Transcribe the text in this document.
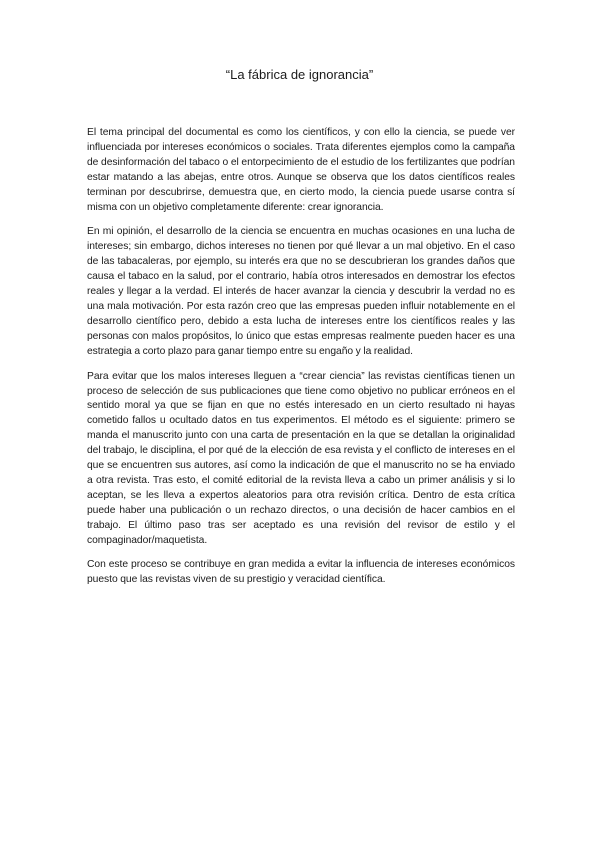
“La fábrica de ignorancia”

El tema principal del documental es como los científicos, y con ello la ciencia, se puede ver influenciada por intereses económicos o sociales. Trata diferentes ejemplos como la campaña de desinformación del tabaco o el entorpecimiento de el estudio de los fertilizantes que podrían estar matando a las abejas, entre otros. Aunque se observa que los datos científicos reales terminan por descubrirse, demuestra que, en cierto modo, la ciencia puede usarse contra sí misma con un objetivo completamente diferente: crear ignorancia.

En mi opinión, el desarrollo de la ciencia se encuentra en muchas ocasiones en una lucha de intereses; sin embargo, dichos intereses no tienen por qué llevar a un mal objetivo. En el caso de las tabacaleras, por ejemplo, su interés era que no se descubrieran los grandes daños que causa el tabaco en la salud, por el contrario, había otros interesados en demostrar los efectos reales y llegar a la verdad. El interés de hacer avanzar la ciencia y descubrir la verdad no es una mala motivación. Por esta razón creo que las empresas pueden influir notablemente en el desarrollo científico pero, debido a esta lucha de intereses entre los científicos reales y las personas con malos propósitos, lo único que estas empresas realmente pueden hacer es una estrategia a corto plazo para ganar tiempo entre su engaño y la realidad.

Para evitar que los malos intereses lleguen a “crear ciencia” las revistas científicas tienen un proceso de selección de sus publicaciones que tiene como objetivo no publicar erróneos en el sentido moral ya que se fijan en que no estés interesado en un cierto resultado ni hayas cometido fallos u ocultado datos en tus experimentos. El método es el siguiente: primero se manda el manuscrito junto con una carta de presentación en la que se detallan la originalidad del trabajo, le disciplina, el por qué de la elección de esa revista y el conflicto de intereses en el que se encuentren sus autores, así como la indicación de que el manuscrito no se ha enviado a otra revista. Tras esto, el comité editorial de la revista lleva a cabo un primer análisis y si lo aceptan, se les lleva a expertos aleatorios para otra revisión crítica. Dentro de esta crítica puede haber una publicación o un rechazo directos, o una decisión de hacer cambios en el trabajo. El último paso tras ser aceptado es una revisión del revisor de estilo y el compaginador/maquetista.

Con este proceso se contribuye en gran medida a evitar la influencia de intereses económicos puesto que las revistas viven de su prestigio y veracidad científica.
